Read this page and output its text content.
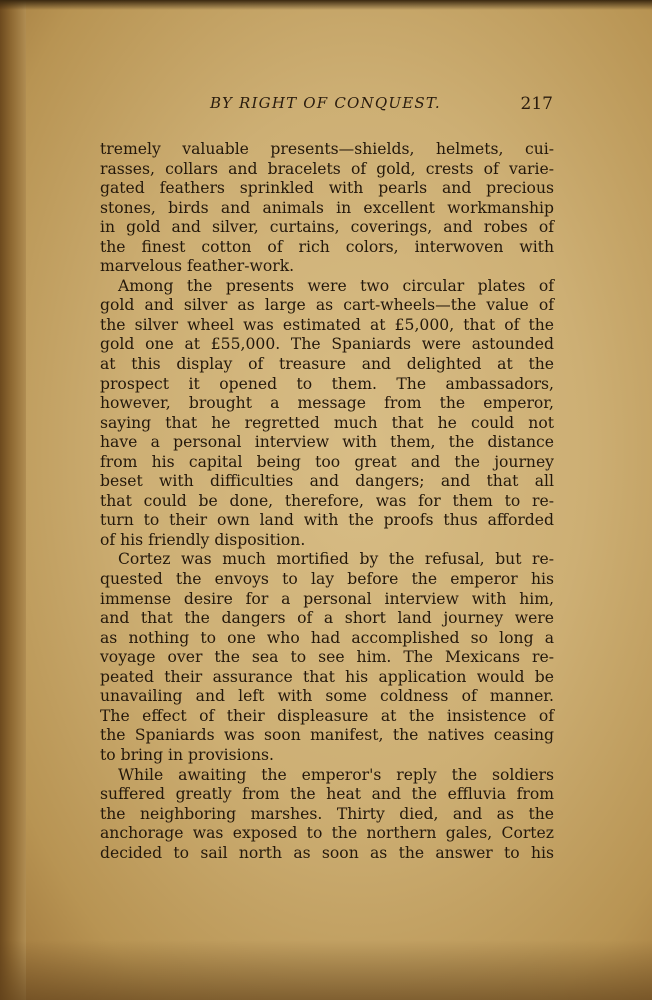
BY RIGHT OF CONQUEST.	217
tremely valuable presents—shields, helmets, cui-
rasses, collars and bracelets of gold, crests of varie-
gated feathers sprinkled with pearls and precious
stones, birds and animals in excellent workmanship
in gold and silver, curtains, coverings, and robes of
the finest cotton of rich colors, interwoven with
marvelous feather-work.
Among the presents were two circular plates of
gold and silver as large as cart-wheels—the value of
the silver wheel was estimated at £5,000, that of the
gold one at £55,000. The Spaniards were astounded
at this display of treasure and delighted at the
prospect it opened to them. The ambassadors,
however, brought a message from the emperor,
saying that he regretted much that he could not
have a personal interview with them, the distance
from his capital being too great and the journey
beset with difficulties and dangers; and that all
that could be done, therefore, was for them to re-
turn to their own land with the proofs thus afforded
of his friendly disposition.
Cortez was much mortified by the refusal, but re-
quested the envoys to lay before the emperor his
immense desire for a personal interview with him,
and that the dangers of a short land journey were
as nothing to one who had accomplished so long a
voyage over the sea to see him. The Mexicans re-
peated their assurance that his application would be
unavailing and left with some coldness of manner.
The effect of their displeasure at the insistence of
the Spaniards was soon manifest, the natives ceasing
to bring in provisions.
While awaiting the emperor's reply the soldiers
suffered greatly from the heat and the effluvia from
the neighboring marshes. Thirty died, and as the
anchorage was exposed to the northern gales, Cortez
decided to sail north as soon as the answer to his
